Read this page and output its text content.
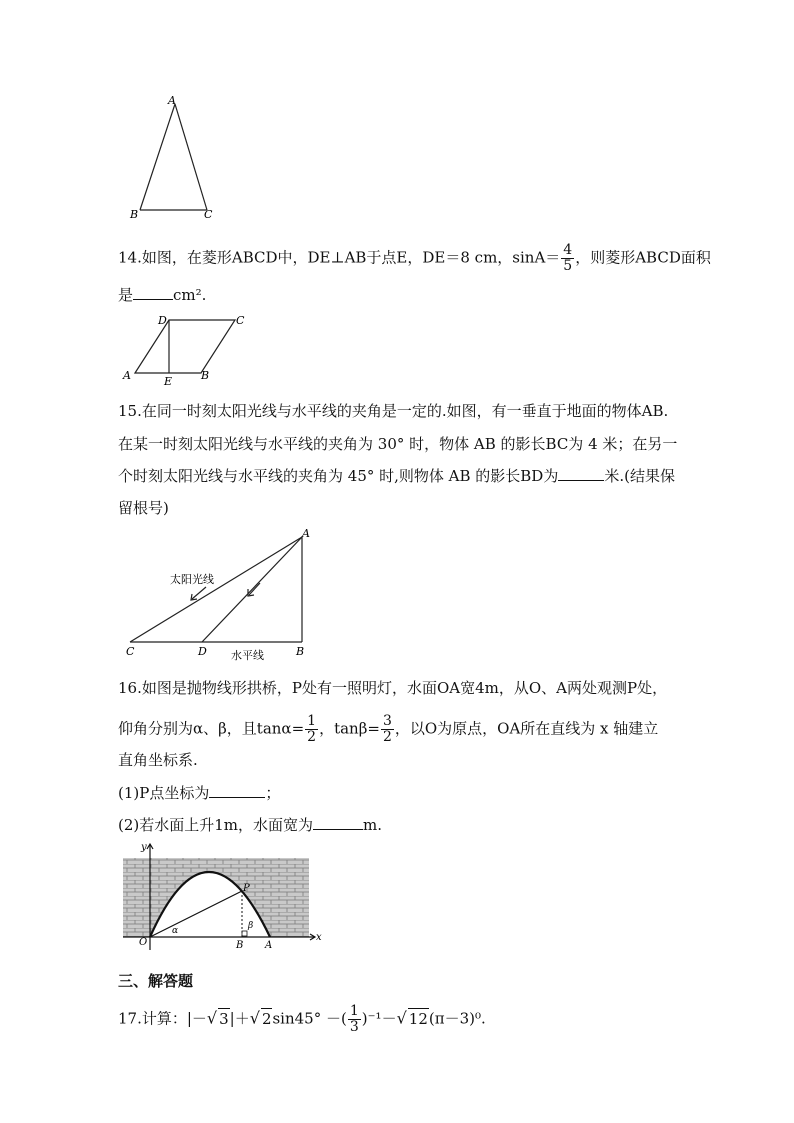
A
B	C
14.如图，在菱形ABCD中，DE⊥AB于点E，DE＝8 cm，$\sin A= \frac{4}{5}$ ，则菱形ABCD面积
是	cm².
D	C
A	E	B
15.在同一时刻太阳光线与水平线的夹角是一定的.如图，有一垂直于地面的物体AB.
在某一时刻太阳光线与水平线的夹角为 30° 时，物体 AB 的影长BC为 4 米；在另一
个时刻太阳光线与水平线的夹角为 45° 时,则物体 AB 的影长BD为	米.(结果保
留根号)
A
C	D	B
太阳光线
水平线
16.如图是抛物线形拱桥，P处有一照明灯，水面OA宽4m，从O、A两处观测P处，
仰角分别为α、β，且$\tan\alpha= \frac{1}{2}$ ，$\tan\beta= \frac{3}{2}$ ，以O为原点，OA所在直线为 x 轴建立
直角坐标系.
(1)P点坐标为	；
(2)若水面上升1m，水面宽为	m.
y
x
O
α
P
β
B A
三、解答题
17.计算：|－√ 3|＋√ 2sin45° －( $\frac{1}{3} )^{-1}-√$ 12(π－3)⁰.
